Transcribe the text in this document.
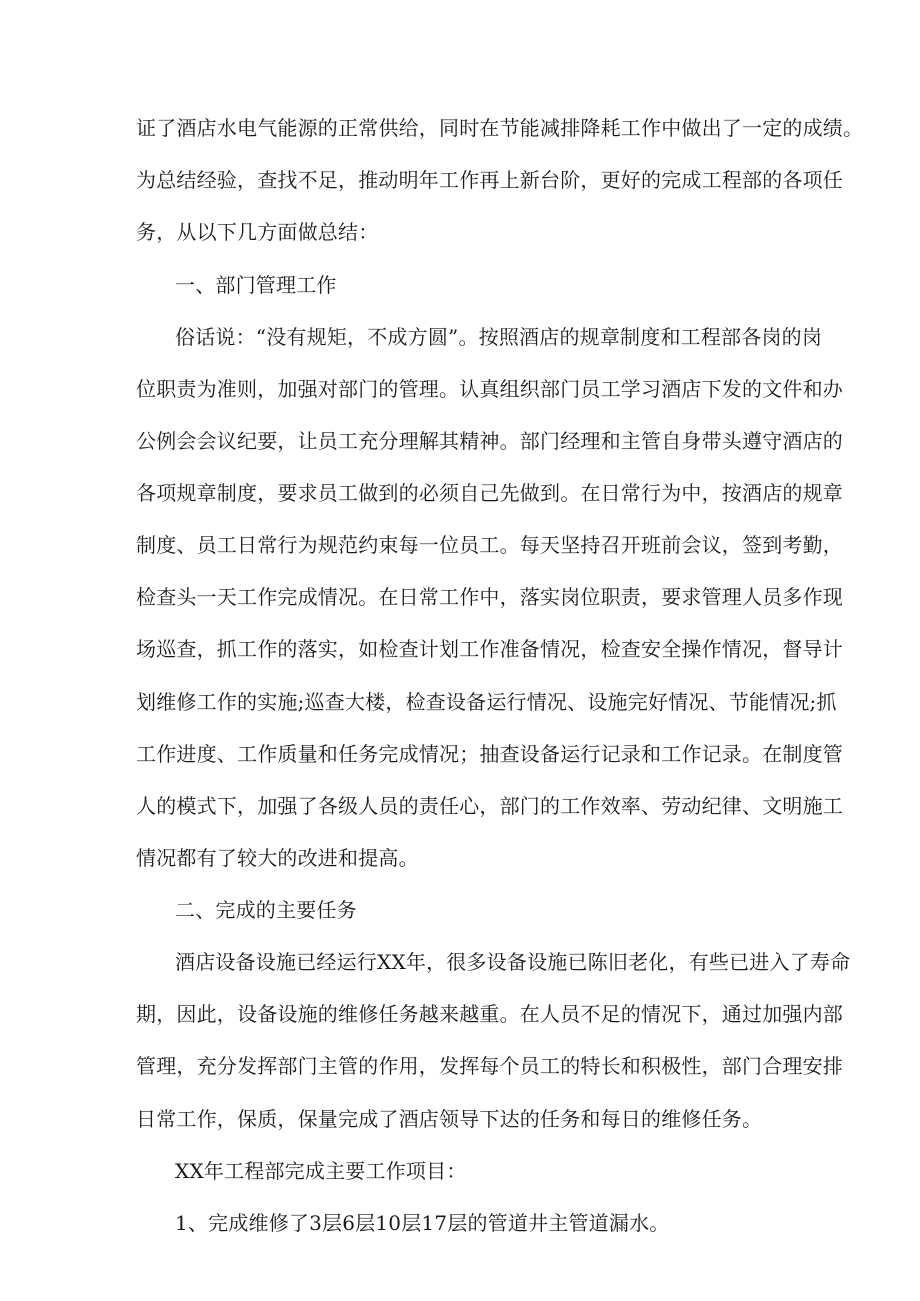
证了酒店水电气能源的正常供给，同时在节能减排降耗工作中做出了一定的成绩。
为总结经验，查找不足，推动明年工作再上新台阶，更好的完成工程部的各项任
务，从以下几方面做总结：
一、部门管理工作
俗话说：“没有规矩，不成方圆”。按照酒店的规章制度和工程部各岗的岗
位职责为准则，加强对部门的管理。认真组织部门员工学习酒店下发的文件和办
公例会会议纪要，让员工充分理解其精神。部门经理和主管自身带头遵守酒店的
各项规章制度，要求员工做到的必须自己先做到。在日常行为中，按酒店的规章
制度、员工日常行为规范约束每一位员工。每天坚持召开班前会议，签到考勤，
检查头一天工作完成情况。在日常工作中，落实岗位职责，要求管理人员多作现
场巡查，抓工作的落实，如检查计划工作准备情况，检查安全操作情况，督导计
划维修工作的实施;巡查大楼，检查设备运行情况、设施完好情况、节能情况;抓
工作进度、工作质量和任务完成情况；抽查设备运行记录和工作记录。在制度管
人的模式下，加强了各级人员的责任心，部门的工作效率、劳动纪律、文明施工
情况都有了较大的改进和提高。
二、完成的主要任务
酒店设备设施已经运行XX年，很多设备设施已陈旧老化，有些已进入了寿命
期，因此，设备设施的维修任务越来越重。在人员不足的情况下，通过加强内部
管理，充分发挥部门主管的作用，发挥每个员工的特长和积极性，部门合理安排
日常工作，保质，保量完成了酒店领导下达的任务和每日的维修任务。
XX年工程部完成主要工作项目：
1、完成维修了3层6层10层17层的管道井主管道漏水。
